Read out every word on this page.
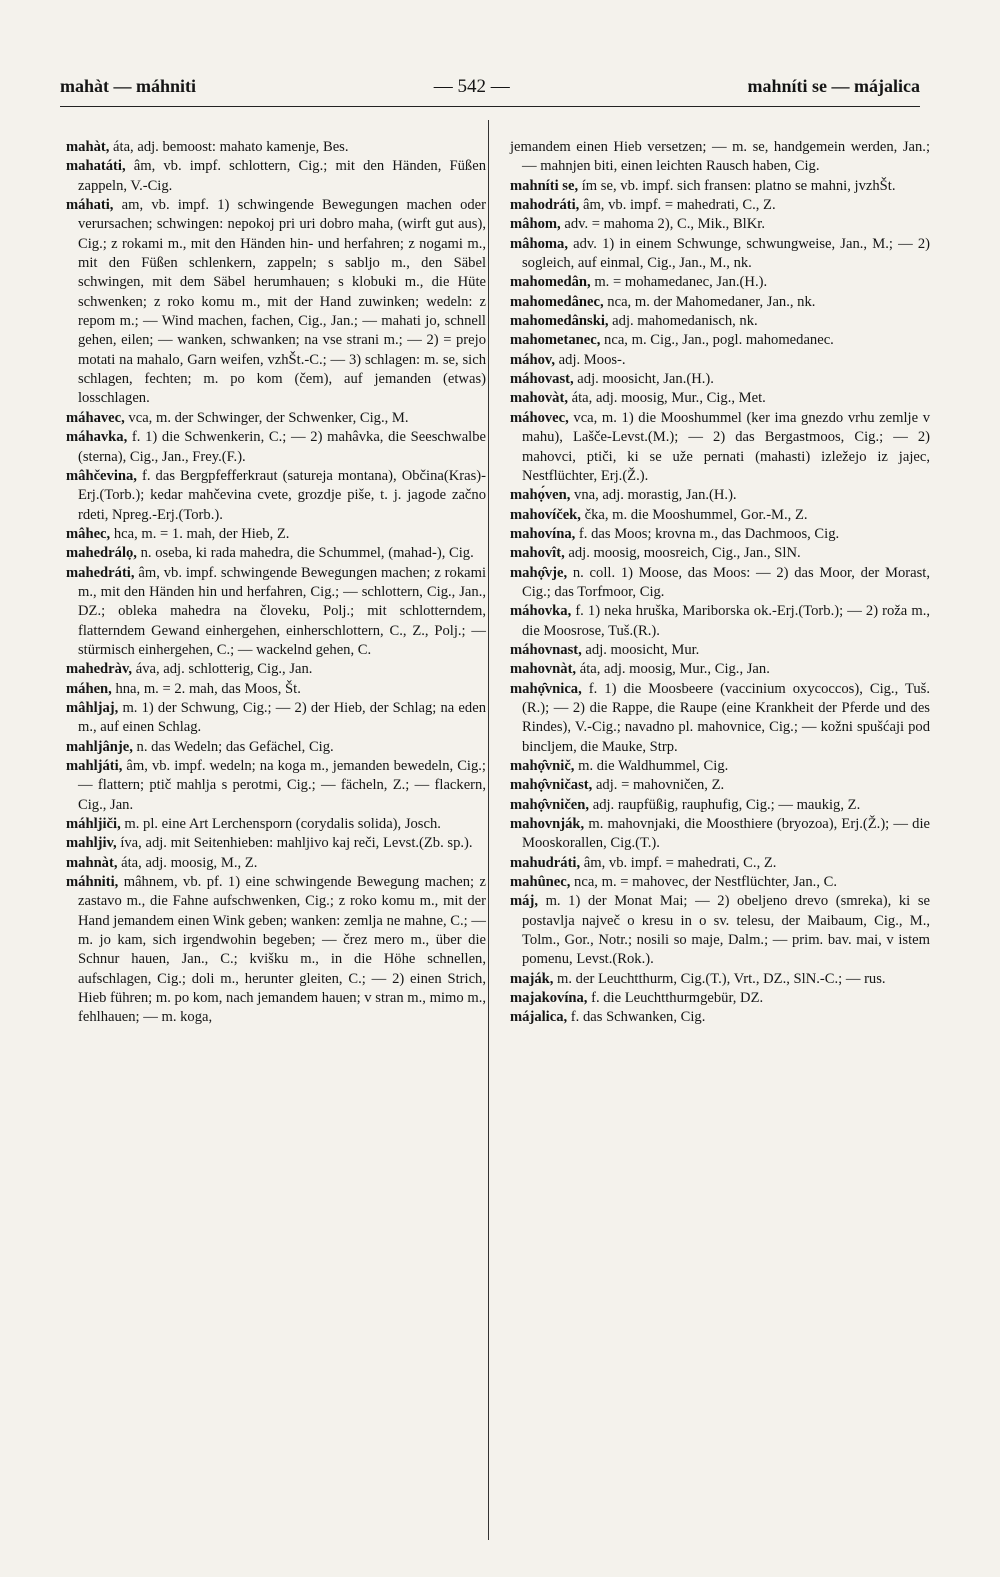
mahàt — máhniti	— 542 —	mahníti se — májalica

mahàt, áta, adj. bemoost: mahato kamenje, Bes.

mahatáti, âm, vb. impf. schlottern, Cig.; mit den Händen, Füßen zappeln, V.-Cig.

máhati, am, vb. impf. 1) schwingende Bewegungen machen oder verursachen; schwingen: nepokoj pri uri dobro maha, (wirft gut aus), Cig.; z rokami m., mit den Händen hin- und herfahren; z nogami m., mit den Füßen schlenkern, zappeln; s sabljo m., den Säbel schwingen, mit dem Säbel herumhauen; s klobuki m., die Hüte schwenken; z roko komu m., mit der Hand zuwinken; wedeln: z repom m.; — Wind machen, fachen, Cig., Jan.; — mahati jo, schnell gehen, eilen; — wanken, schwanken; na vse strani m.; — 2) = prejo motati na mahalo, Garn weifen, vzhŠt.-C.; — 3) schlagen: m. se, sich schlagen, fechten; m. po kom (čem), auf jemanden (etwas) losschlagen.

máhavec, vca, m. der Schwinger, der Schwenker, Cig., M.

máhavka, f. 1) die Schwenkerin, C.; — 2) mahâvka, die Seeschwalbe (sterna), Cig., Jan., Frey.(F.).

mâhčevina, f. das Bergpfefferkraut (satureja montana), Občina(Kras)-Erj.(Torb.); kedar mahčevina cvete, grozdje piše, t. j. jagode začno rdeti, Npreg.-Erj.(Torb.).

mâhec, hca, m. = 1. mah, der Hieb, Z.

mahedrálọ, n. oseba, ki rada mahedra, die Schummel, (mahad-), Cig.

mahedráti, âm, vb. impf. schwingende Bewegungen machen; z rokami m., mit den Händen hin und herfahren, Cig.; — schlottern, Cig., Jan., DZ.; obleka mahedra na človeku, Polj.; mit schlotterndem, flatterndem Gewand einhergehen, einherschlottern, C., Z., Polj.; — stürmisch einhergehen, C.; — wackelnd gehen, C.

mahedràv, áva, adj. schlotterig, Cig., Jan.

máhen, hna, m. = 2. mah, das Moos, Št.

mâhljaj, m. 1) der Schwung, Cig.; — 2) der Hieb, der Schlag; na eden m., auf einen Schlag.

mahljânje, n. das Wedeln; das Gefächel, Cig.

mahljáti, âm, vb. impf. wedeln; na koga m., jemanden bewedeln, Cig.; — flattern; ptič mahlja s perotmi, Cig.; — fächeln, Z.; — flackern, Cig., Jan.

máhljiči, m. pl. eine Art Lerchensporn (corydalis solida), Josch.

mahljiv, íva, adj. mit Seitenhieben: mahljivo kaj reči, Levst.(Zb. sp.).

mahnàt, áta, adj. moosig, M., Z.

máhniti, mâhnem, vb. pf. 1) eine schwingende Bewegung machen; z zastavo m., die Fahne aufschwenken, Cig.; z roko komu m., mit der Hand jemandem einen Wink geben; wanken: zemlja ne mahne, C.; — m. jo kam, sich irgendwohin begeben; — črez mero m., über die Schnur hauen, Jan., C.; kvišku m., in die Höhe schnellen, aufschlagen, Cig.; doli m., herunter gleiten, C.; — 2) einen Strich, Hieb führen; m. po kom, nach jemandem hauen; v stran m., mimo m., fehlhauen; — m. koga,

jemandem einen Hieb versetzen; — m. se, handgemein werden, Jan.; — mahnjen biti, einen leichten Rausch haben, Cig.

mahníti se, ím se, vb. impf. sich fransen: platno se mahni, jvzhŠt.

mahodráti, âm, vb. impf. = mahedrati, C., Z.

mâhom, adv. = mahoma 2), C., Mik., BlKr.

mâhoma, adv. 1) in einem Schwunge, schwungweise, Jan., M.; — 2) sogleich, auf einmal, Cig., Jan., M., nk.

mahomedân, m. = mohamedanec, Jan.(H.).

mahomedânec, nca, m. der Mahomedaner, Jan., nk.

mahomedânski, adj. mahomedanisch, nk.

mahometanec, nca, m. Cig., Jan., pogl. mahomedanec.

máhov, adj. Moos-.

máhovast, adj. moosicht, Jan.(H.).

mahovàt, áta, adj. moosig, Mur., Cig., Met.

máhovec, vca, m. 1) die Mooshummel (ker ima gnezdo vrhu zemlje v mahu), Lašče-Levst.(M.); — 2) das Bergastmoos, Cig.; — 2) mahovci, ptiči, ki se uže pernati (mahasti) izležejo iz jajec, Nestflüchter, Erj.(Ž.).

mahọ́ven, vna, adj. morastig, Jan.(H.).

mahovíček, čka, m. die Mooshummel, Gor.-M., Z.

mahovína, f. das Moos; krovna m., das Dachmoos, Cig.

mahovît, adj. moosig, moosreich, Cig., Jan., SlN.

mahọ̑vje, n. coll. 1) Moose, das Moos: — 2) das Moor, der Morast, Cig.; das Torfmoor, Cig.

máhovka, f. 1) neka hruška, Mariborska ok.-Erj.(Torb.); — 2) roža m., die Moosrose, Tuš.(R.).

máhovnast, adj. moosicht, Mur.

mahovnàt, áta, adj. moosig, Mur., Cig., Jan.

mahọ̑vnica, f. 1) die Moosbeere (vaccinium oxycoccos), Cig., Tuš.(R.); — 2) die Rappe, die Raupe (eine Krankheit der Pferde und des Rindes), V.-Cig.; navadno pl. mahovnice, Cig.; — kožni spušćaji pod bincljem, die Mauke, Strp.

mahọ̑vnič, m. die Waldhummel, Cig.

mahọ̑vničast, adj. = mahovničen, Z.

mahọ̑vničen, adj. raupfüßig, rauphufig, Cig.; — maukig, Z.

mahovnják, m. mahovnjaki, die Moosthiere (bryozoa), Erj.(Ž.); — die Mooskorallen, Cig.(T.).

mahudráti, âm, vb. impf. = mahedrati, C., Z.

mahûnec, nca, m. = mahovec, der Nestflüchter, Jan., C.

máj, m. 1) der Monat Mai; — 2) obeljeno drevo (smreka), ki se postavlja največ o kresu in o sv. telesu, der Maibaum, Cig., M., Tolm., Gor., Notr.; nosili so maje, Dalm.; — prim. bav. mai, v istem pomenu, Levst.(Rok.).

maják, m. der Leuchtthurm, Cig.(T.), Vrt., DZ., SlN.-C.; — rus.

majakovína, f. die Leuchtthurmgebür, DZ.

májalica, f. das Schwanken, Cig.
